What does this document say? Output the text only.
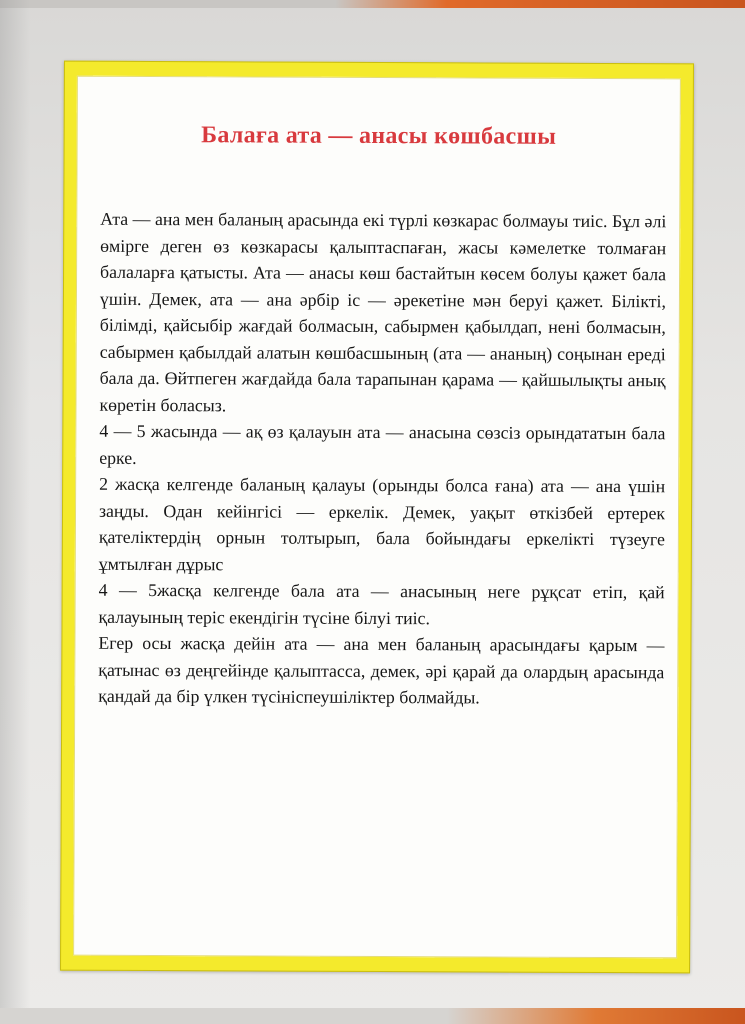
Балаға ата — анасы көшбасшы

Ата — ана мен баланың арасында екі түрлі көзкарас болмауы тиіс. Бұл әлі өмірге деген өз көзкарасы қалыптаспаған, жасы кәмелетке толмаған балаларға қатысты. Ата — анасы көш бастайтын көсем болуы қажет бала үшін. Демек, ата — ана әрбір іс — әрекетіне мән беруі қажет. Білікті, білімді, қайсыбір жағдай болмасын, сабырмен қабылдап, нені болмасын, сабырмен қабылдай алатын көшбасшының (ата — ананың) соңынан ереді бала да. Өйтпеген жағдайда бала тарапынан қарама — қайшылықты анық көретін боласыз.

4 — 5 жасында — ақ өз қалауын ата — анасына сөзсіз орындататын бала ерке.

2 жасқа келгенде баланың қалауы (орынды болса ғана) ата — ана үшін заңды. Одан кейінгісі — еркелік. Демек, уақыт өткізбей ертерек қателіктердің орнын толтырып, бала бойындағы еркелікті түзеуге ұмтылған дұрыс

4 — 5жасқа келгенде бала ата — анасының неге рұқсат етіп, қай қалауының теріс екендігін түсіне білуі тиіс.

Егер осы жасқа дейін ата — ана мен баланың арасындағы қарым — қатынас өз деңгейінде қалыптасса, демек, әрі қарай да олардың арасында қандай да бір үлкен түсініспеушіліктер болмайды.
